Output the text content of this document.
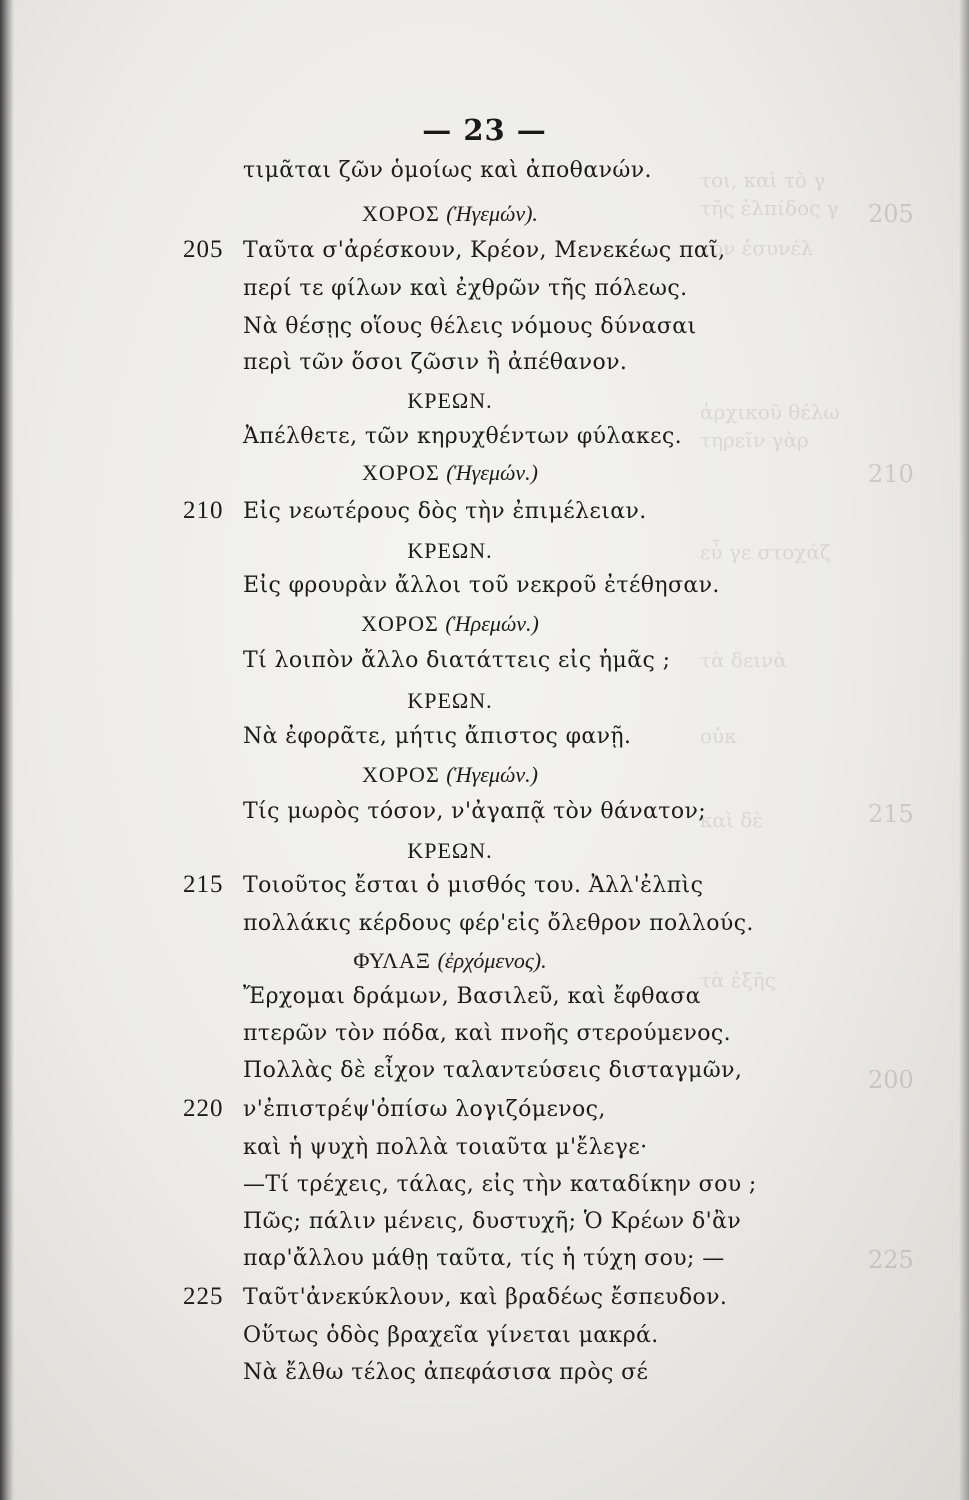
τοι, καὶ τὸ γ
τῆς ἐλπίδος γ 205
τὸν ἐσυνέλ
ἀρχικοῦ θέλω
τηρεῖν γὰρ
210
εὖ γε στοχάζ
τὰ δεινὰ
οὐκ
215
καὶ δὲ
τὰ ἐξῆς
200
225
— 23 —
τιμᾶται ζῶν ὁμοίως καὶ ἀποθανών.
ΧΟΡΟΣ (Ἡγεμών).
205 Ταῦτα σ'ἀρέσκουν, Κρέον, Μενεκέως παῖ,
περί τε φίλων καὶ ἐχθρῶν τῆς πόλεως.
Νὰ θέσῃς οἵους θέλεις νόμους δύνασαι
περὶ τῶν ὅσοι ζῶσιν ἢ ἀπέθανον.
ΚΡΕΩΝ.
Ἀπέλθετε, τῶν κηρυχθέντων φύλακες.
ΧΟΡΟΣ (Ἡγεμών.)
210 Εἰς νεωτέρους δὸς τὴν ἐπιμέλειαν.
ΚΡΕΩΝ.
Εἰς φρουρὰν ἄλλοι τοῦ νεκροῦ ἐτέθησαν.
ΧΟΡΟΣ (Ἡρεμών.)
Τί λοιπὸν ἄλλο διατάττεις εἰς ἡμᾶς ;
ΚΡΕΩΝ.
Νὰ ἐφορᾶτε, μήτις ἄπιστος φανῇ.
ΧΟΡΟΣ (Ἡγεμών.)
Τίς μωρὸς τόσον, ν'ἀγαπᾷ τὸν θάνατον;
ΚΡΕΩΝ.
215 Τοιοῦτος ἔσται ὁ μισθός του. Ἀλλ'ἐλπὶς
πολλάκις κέρδους φέρ'εἰς ὄλεθρον πολλούς.
ΦΥΛΑΞ (ἐρχόμενος).
Ἔρχομαι δράμων, Βασιλεῦ, καὶ ἔφθασα
πτερῶν τὸν πόδα, καὶ πνοῆς στερούμενος.
Πολλὰς δὲ εἶχον ταλαντεύσεις δισταγμῶν,
220 ν'ἐπιστρέψ'ὀπίσω λογιζόμενος,
καὶ ἡ ψυχὴ πολλὰ τοιαῦτα μ'ἔλεγε·
—Τί τρέχεις, τάλας, εἰς τὴν καταδίκην σου ;
Πῶς; πάλιν μένεις, δυστυχῆ; Ὁ Κρέων δ'ἂν
παρ'ἄλλου μάθῃ ταῦτα, τίς ἡ τύχη σου; —
225 Ταῦτ'ἀνεκύκλουν, καὶ βραδέως ἔσπευδον.
Οὕτως ὁδὸς βραχεῖα γίνεται μακρά.
Νὰ ἔλθω τέλος ἀπεφάσισα πρὸς σέ
